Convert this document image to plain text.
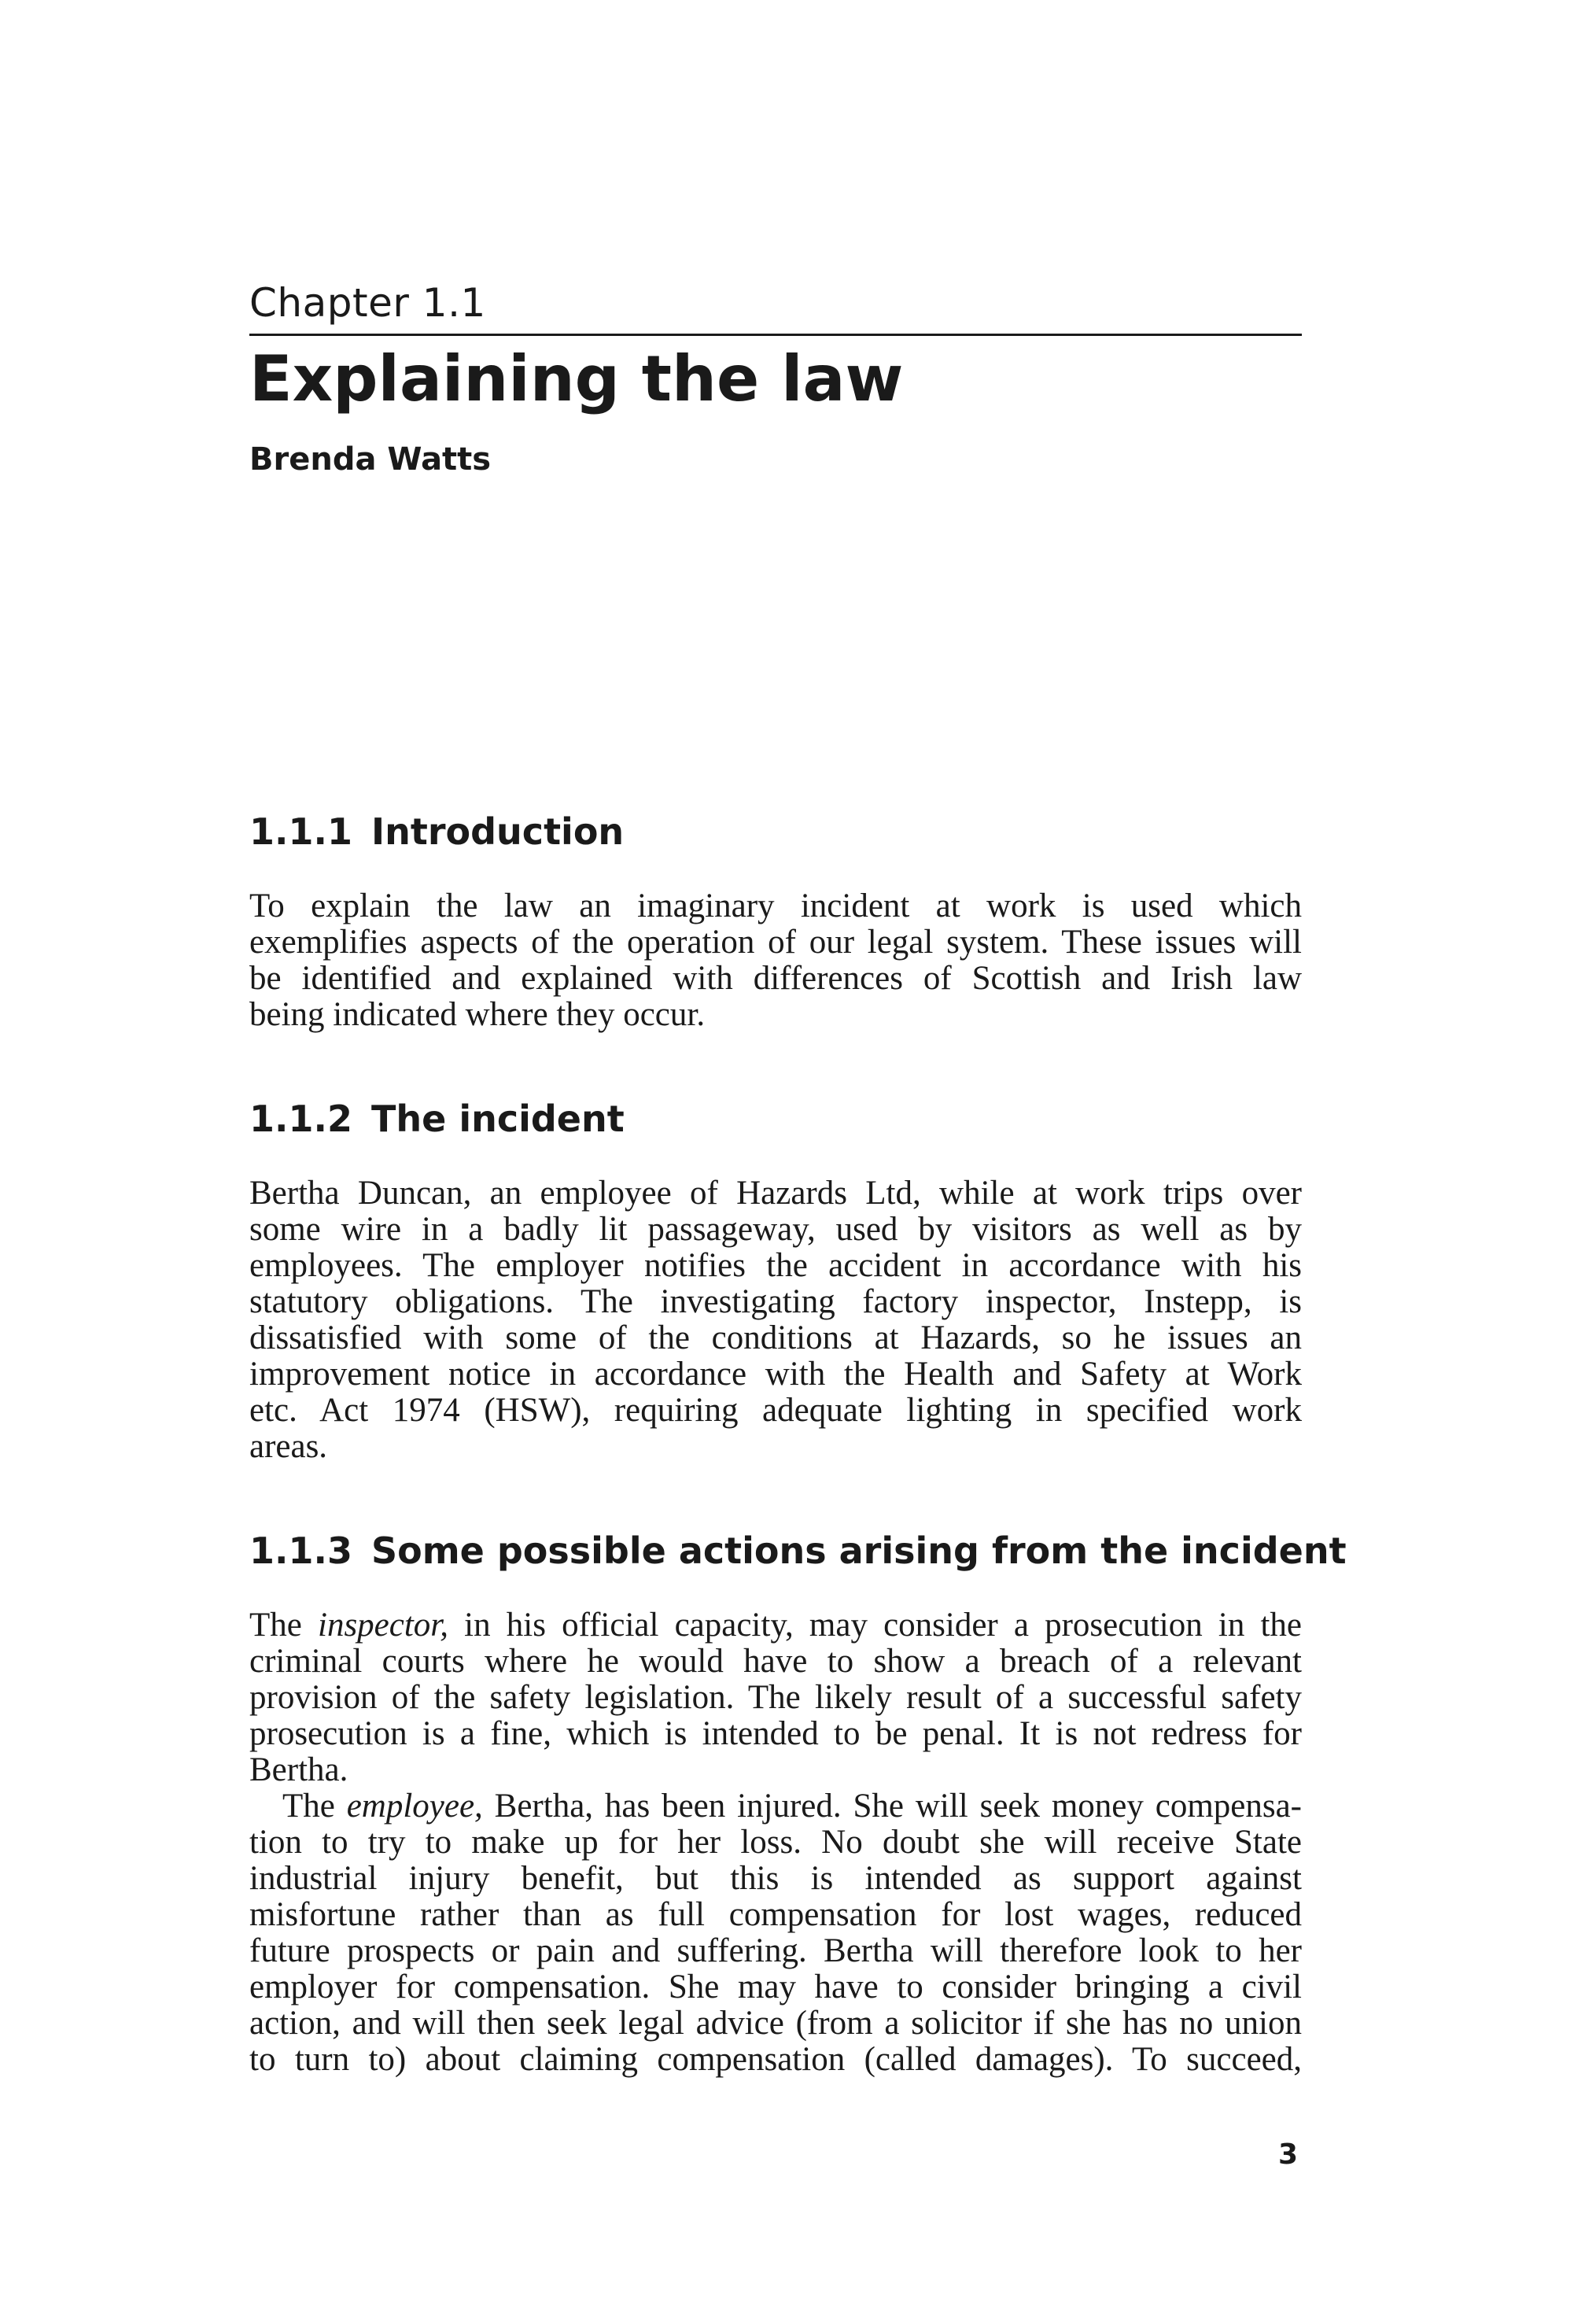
Chapter 1.1
Explaining the law
Brenda Watts
1.1.1 Introduction

To explain the law an imaginary incident at work is used which
exemplifies aspects of the operation of our legal system. These issues will
be identified and explained with differences of Scottish and Irish law
being indicated where they occur.

1.1.2 The incident

Bertha Duncan, an employee of Hazards Ltd, while at work trips over
some wire in a badly lit passageway, used by visitors as well as by
employees. The employer notifies the accident in accordance with his
statutory obligations. The investigating factory inspector, Instepp, is
dissatisfied with some of the conditions at Hazards, so he issues an
improvement notice in accordance with the Health and Safety at Work
etc. Act 1974 (HSW), requiring adequate lighting in specified work
areas.

1.1.3 Some possible actions arising from the incident

The inspector, in his official capacity, may consider a prosecution in the
criminal courts where he would have to show a breach of a relevant
provision of the safety legislation. The likely result of a successful safety
prosecution is a fine, which is intended to be penal. It is not redress for
Bertha.

The employee, Bertha, has been injured. She will seek money compensa-
tion to try to make up for her loss. No doubt she will receive State
industrial injury benefit, but this is intended as support against
misfortune rather than as full compensation for lost wages, reduced
future prospects or pain and suffering. Bertha will therefore look to her
employer for compensation. She may have to consider bringing a civil
action, and will then seek legal advice (from a solicitor if she has no union
to turn to) about claiming compensation (called damages). To succeed,

3
